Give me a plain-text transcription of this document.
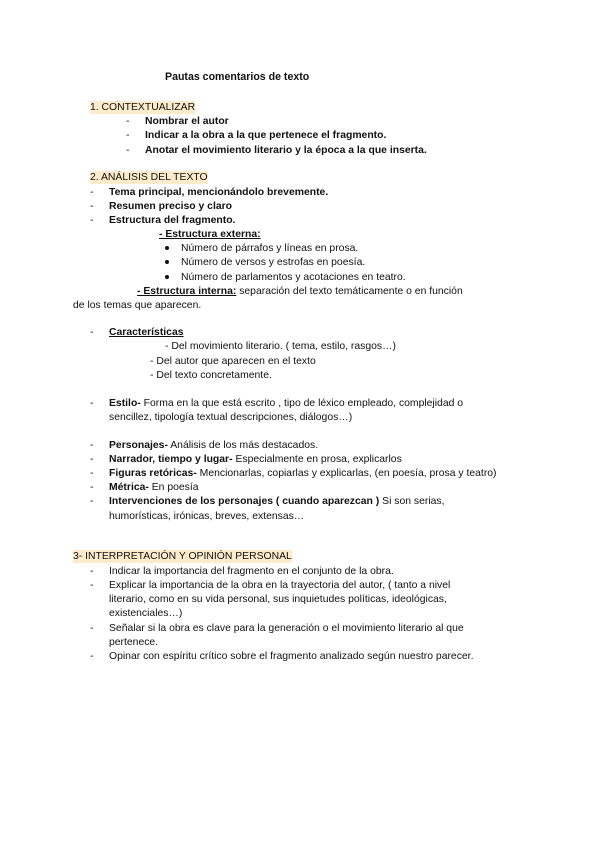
Pautas comentarios de texto
1. CONTEXTUALIZAR
- Nombrar el autor
- Indicar a la obra a la que pertenece el fragmento.
- Anotar el movimiento literario y la época a la que inserta.
2. ANÁLISIS DEL TEXTO
- Tema principal, mencionándolo brevemente.
- Resumen preciso y claro
- Estructura del fragmento.
- Estructura externa:
Número de párrafos y líneas en prosa.
Número de versos y estrofas en poesía.
Número de parlamentos y acotaciones en teatro.
- Estructura interna: separación del texto temáticamente o en función
de los temas que aparecen.
- Características
- Del movimiento literario. ( tema, estilo, rasgos…)
- Del autor que aparecen en el texto
- Del texto concretamente.
- Estilo- Forma en la que está escrito , tipo de léxico empleado, complejidad o
sencillez, tipología textual descripciones, diálogos…)
- Personajes- Análisis de los más destacados.
- Narrador, tiempo y lugar- Especialmente en prosa, explicarlos
- Figuras retóricas- Mencionarlas, copiarlas y explicarlas, (en poesía, prosa y teatro)
- Métrica- En poesía
- Intervenciones de los personajes ( cuando aparezcan ) Si son serias,
humorísticas, irónicas, breves, extensas…
3- INTERPRETACIÓN Y OPINIÓN PERSONAL
- Indicar la importancia del fragmento en el conjunto de la obra.
- Explicar la importancia de la obra en la trayectoria del autor, ( tanto a nivel
literario, como en su vida personal, sus inquietudes políticas, ideológicas,
existenciales…)
- Señalar si la obra es clave para la generación o el movimiento literario al que
pertenece.
- Opinar con espíritu crítico sobre el fragmento analizado según nuestro parecer.
